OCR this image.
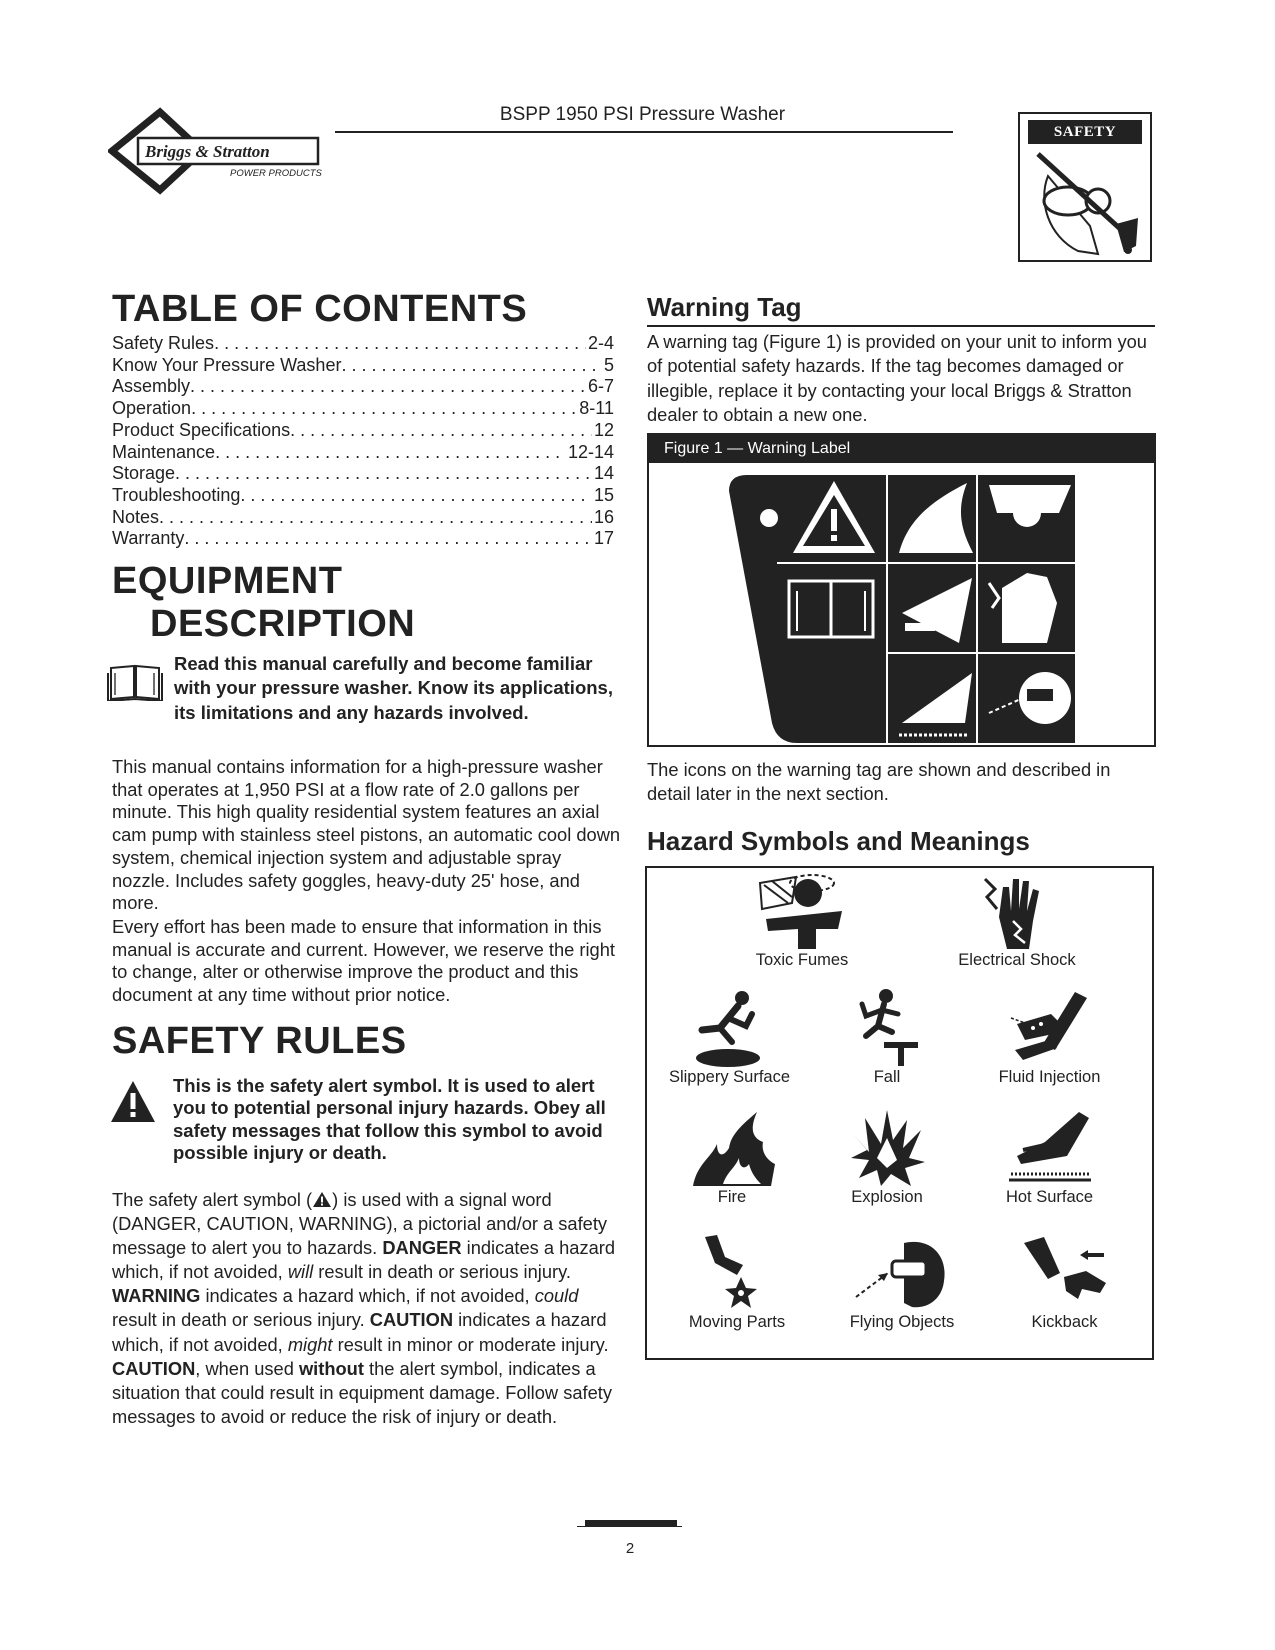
Briggs & Stratton
POWER PRODUCTS
BSPP 1950 PSI Pressure Washer
SAFETY RULES
TABLE OF CONTENTS
Safety Rules . . .	2-4
Know Your Pressure Washer . . .	5
Assembly . . .	6-7
Operation . . .	8-11
Product Specifications . . .	12
Maintenance . . .	12-14
Storage . . .	14
Troubleshooting . . .	15
Notes . . .	16
Warranty . . .	17
EQUIPMENT
DESCRIPTION
Read this manual carefully and become familiar with your pressure washer. Know its applications, its limitations and any hazards involved.
This manual contains information for a high-pressure washer that operates at 1,950 PSI at a flow rate of 2.0 gallons per minute. This high quality residential system features an axial cam pump with stainless steel pistons, an automatic cool down system, chemical injection system and adjustable spray nozzle. Includes safety goggles, heavy-duty 25' hose, and more.
Every effort has been made to ensure that information in this manual is accurate and current. However, we reserve the right to change, alter or otherwise improve the product and this document at any time without prior notice.
SAFETY RULES
This is the safety alert symbol. It is used to alert you to potential personal injury hazards. Obey all safety messages that follow this symbol to avoid possible injury or death.
The safety alert symbol ( ) is used with a signal word (DANGER, CAUTION, WARNING), a pictorial and/or a safety message to alert you to hazards. DANGER indicates a hazard which, if not avoided, will result in death or serious injury. WARNING indicates a hazard which, if not avoided, could result in death or serious injury. CAUTION indicates a hazard which, if not avoided, might result in minor or moderate injury. CAUTION, when used without the alert symbol, indicates a situation that could result in equipment damage. Follow safety messages to avoid or reduce the risk of injury or death.
Warning Tag
A warning tag (Figure 1) is provided on your unit to inform you of potential safety hazards. If the tag becomes damaged or illegible, replace it by contacting your local Briggs & Stratton dealer to obtain a new one.
Figure 1 — Warning Label
The icons on the warning tag are shown and described in detail later in the next section.
Hazard Symbols and Meanings
Toxic Fumes	Electrical Shock
Slippery Surface	Fall	Fluid Injection
Fire	Explosion	Hot Surface
Moving Parts	Flying Objects	Kickback
2
